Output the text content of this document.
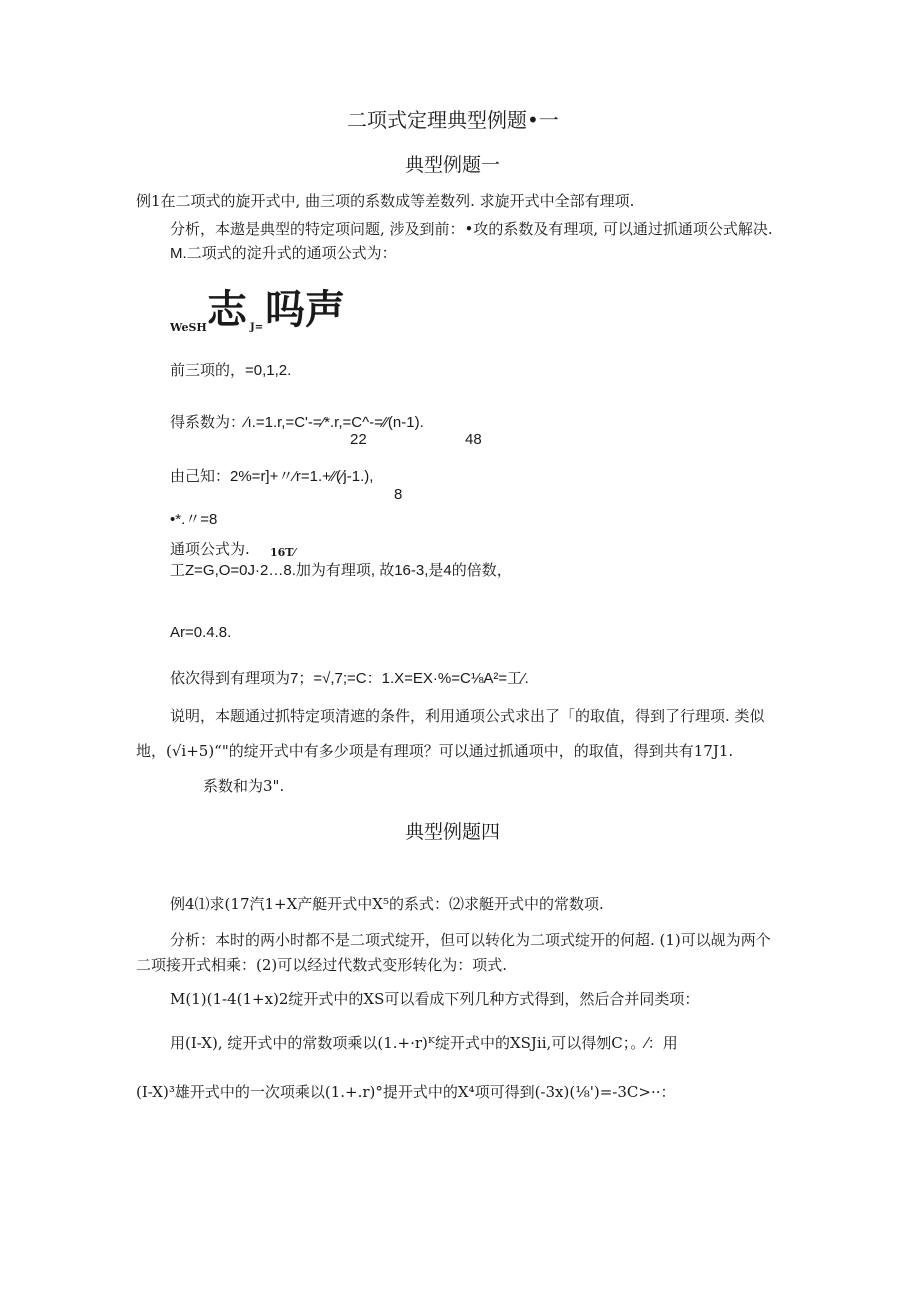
二项式定理典型例题•一
典型例题一
例1在二项式的旋开式中, 曲三项的系数成等差数列. 求旋开式中全部有理项.
分析，本遨是典型的特定项问题, 涉及到前：•攻的系数及有理项, 可以通过抓通项公式解决.
M.二项式的淀升式的通项公式为：
WeSH 志 J= 吗声
前三项的，=0,1,2.
得系数为：∕ı.=1.r,=C'-=⁄*.r,=C^-=⁄⁄(n-1).
22	48
由己知：2%=r]+〃⁄r=1.+⁄⁄(⁄j-1.),
8
•*.〃=8
通项公式为. 16T⁄
工Z=G,O=0J·2…8.加为有理项, 故16-3,是4的倍数，
Ar=0.4.8.
依次得到有理项为7；=√,7;=C：1.X=EX·%=C⅛A²=工⁄.
说明，本题通过抓特定项清遮的条件，利用通项公式求出了「的取值，得到了行理项. 类似
地，(√i+5)“"的绽开式中有多少项是有理项？可以通过抓通项中，的取值，得到共有17J1.
系数和为3".
典型例题四
例4⑴求(17汽1+X产艇开式中X⁵的系式：⑵求艇开式中的常数项.
分析：本时的两小时都不是二项式绽开，但可以转化为二项式绽开的何超. (1)可以觇为两个
二项接开式相乘：(2)可以经过代数式变形转化为：项式.
M(1)(1-4(1+x)2绽开式中的XS可以看成下列几种方式得到，然后合并同类项：
用(I-X), 绽开式中的常数项乘以(1.+·r)ᴷ绽开式中的XSJii,可以得刎C；。⁄：用
(I-X)³雄开式中的一次项乘以(1.+.r)°提开式中的X⁴项可得到(-3x)(⅛')=-3C>··：
